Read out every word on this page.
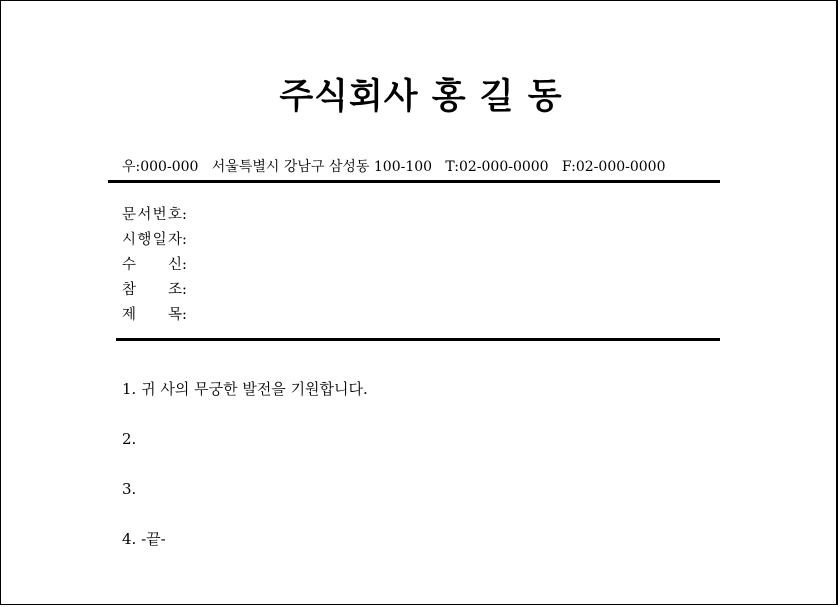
주식회사 홍 길 동
우:000-000   서울특별시 강남구 삼성동 100-100   T:02-000-0000   F:02-000-0000
문 서 번 호 :
시 행 일 자 :
수 신 :
참 조 :
제 목 :
1. 귀 사의 무궁한 발전을 기원합니다.
2.
3.
4. -끝-
